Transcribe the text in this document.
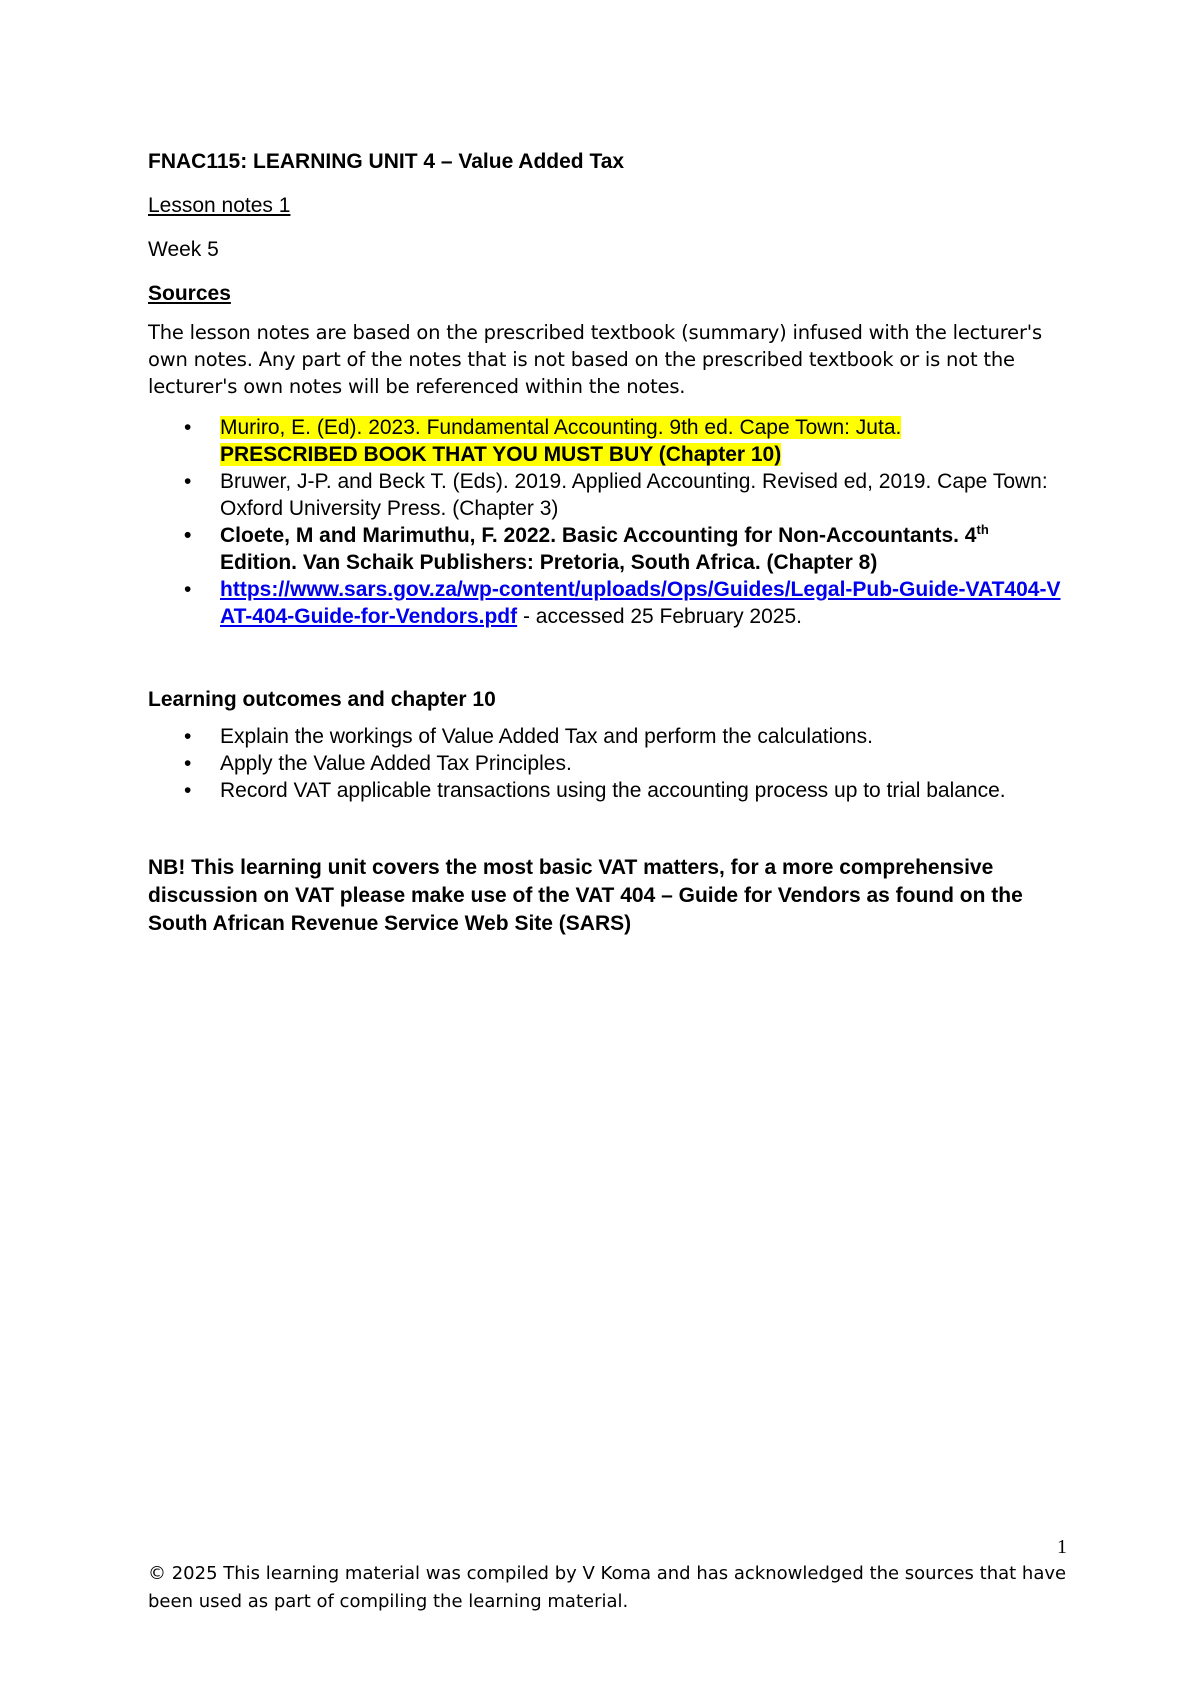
FNAC115: LEARNING UNIT 4 – Value Added Tax
Lesson notes 1
Week 5
Sources
The lesson notes are based on the prescribed textbook (summary) infused with the lecturer's own notes. Any part of the notes that is not based on the prescribed textbook or is not the lecturer's own notes will be referenced within the notes.
• Muriro, E. (Ed). 2023. Fundamental Accounting. 9th ed. Cape Town: Juta.
PRESCRIBED BOOK THAT YOU MUST BUY (Chapter 10)
• Bruwer, J-P. and Beck T. (Eds). 2019. Applied Accounting. Revised ed, 2019. Cape Town: Oxford University Press. (Chapter 3)
• Cloete, M and Marimuthu, F. 2022. Basic Accounting for Non-Accountants. 4th
Edition. Van Schaik Publishers: Pretoria, South Africa. (Chapter 8)
• https://www.sars.gov.za/wp-content/uploads/Ops/Guides/Legal-Pub-Guide-VAT404-VAT-404-Guide-for-Vendors.pdf - accessed 25 February 2025.
Learning outcomes and chapter 10
• Explain the workings of Value Added Tax and perform the calculations.
• Apply the Value Added Tax Principles.
• Record VAT applicable transactions using the accounting process up to trial balance.
NB! This learning unit covers the most basic VAT matters, for a more comprehensive discussion on VAT please make use of the VAT 404 – Guide for Vendors as found on the South African Revenue Service Web Site (SARS)
1
© 2025 This learning material was compiled by V Koma and has acknowledged the sources that have been used as part of compiling the learning material.
